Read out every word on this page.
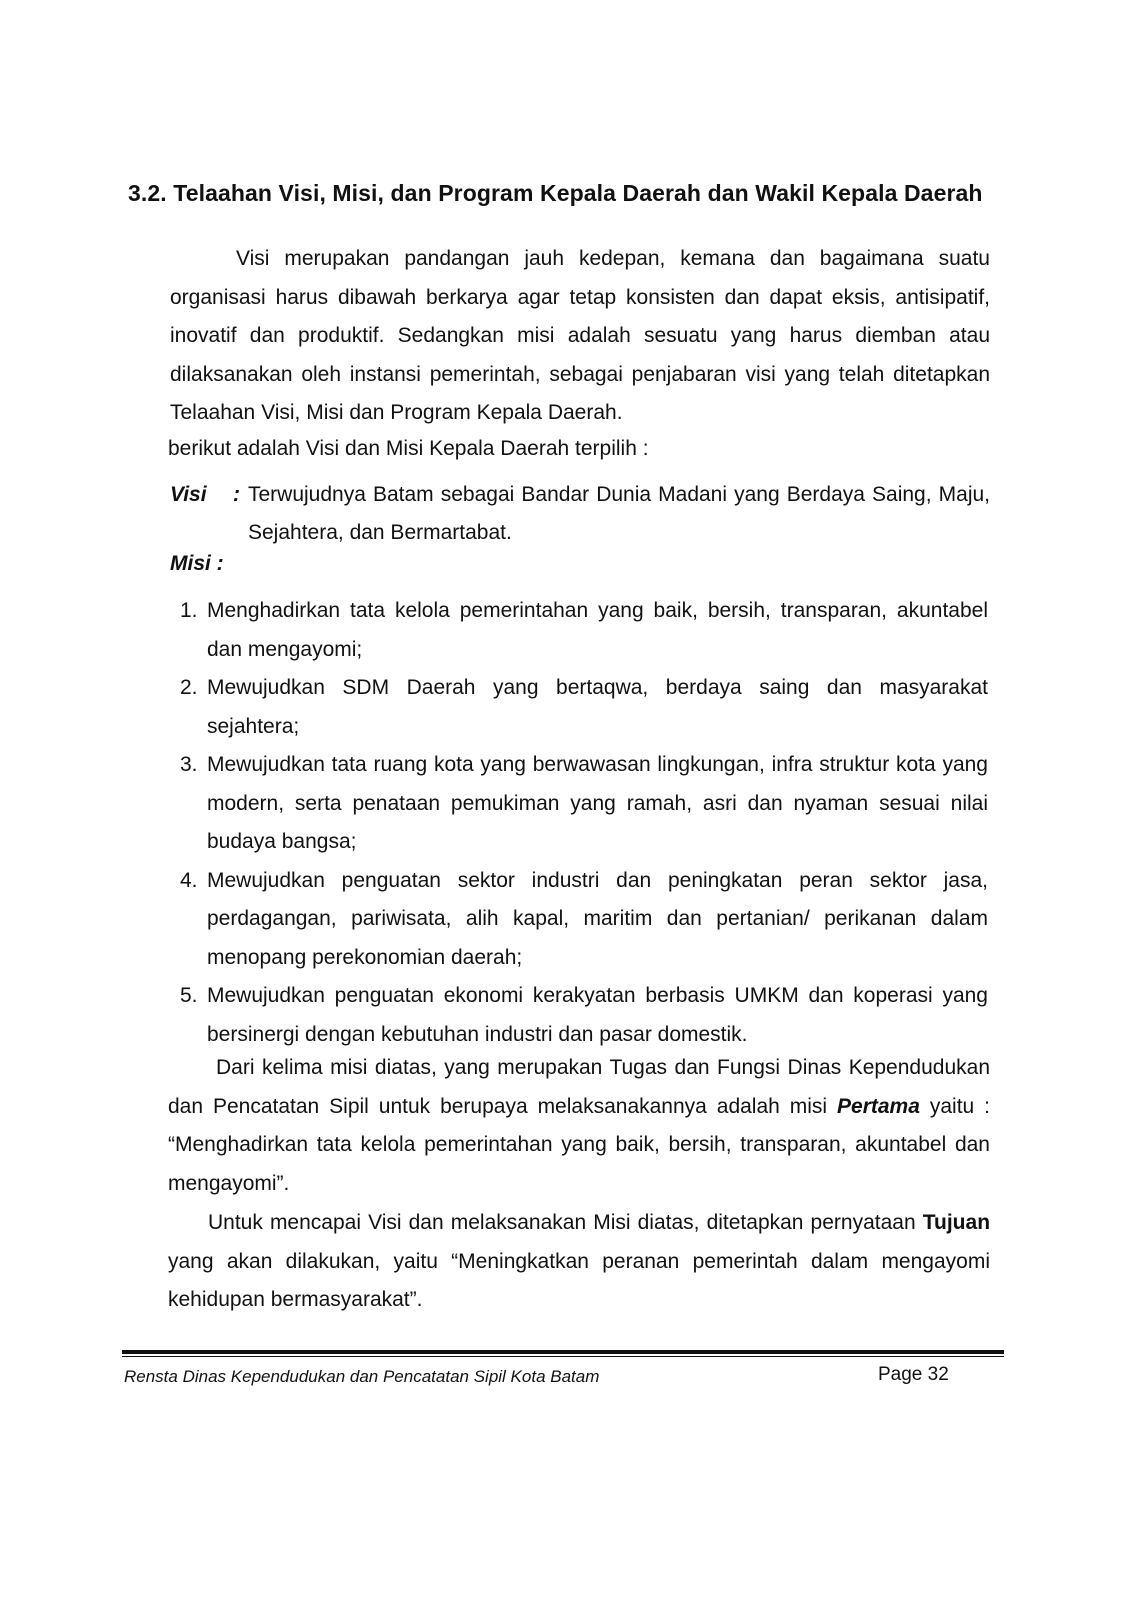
3.2. Telaahan Visi, Misi, dan Program Kepala Daerah dan Wakil Kepala Daerah
Visi merupakan pandangan jauh kedepan, kemana dan bagaimana suatu organisasi harus dibawah berkarya agar tetap konsisten dan dapat eksis, antisipatif, inovatif dan produktif. Sedangkan misi adalah sesuatu yang harus diemban atau dilaksanakan oleh instansi pemerintah, sebagai penjabaran visi yang telah ditetapkan Telaahan Visi, Misi dan Program Kepala Daerah.
berikut adalah Visi dan Misi Kepala Daerah terpilih :
Visi : Terwujudnya Batam sebagai Bandar Dunia Madani yang Berdaya Saing, Maju, Sejahtera, dan Bermartabat.
Misi :
1. Menghadirkan tata kelola pemerintahan yang baik, bersih, transparan, akuntabel dan mengayomi;
2. Mewujudkan SDM Daerah yang bertaqwa, berdaya saing dan masyarakat sejahtera;
3. Mewujudkan tata ruang kota yang berwawasan lingkungan, infra struktur kota yang modern, serta penataan pemukiman yang ramah, asri dan nyaman sesuai nilai budaya bangsa;
4. Mewujudkan penguatan sektor industri dan peningkatan peran sektor jasa, perdagangan, pariwisata, alih kapal, maritim dan pertanian/ perikanan dalam menopang perekonomian daerah;
5. Mewujudkan penguatan ekonomi kerakyatan berbasis UMKM dan koperasi yang bersinergi dengan kebutuhan industri dan pasar domestik.
Dari kelima misi diatas, yang merupakan Tugas dan Fungsi Dinas Kependudukan dan Pencatatan Sipil untuk berupaya melaksanakannya adalah misi Pertama yaitu : “Menghadirkan tata kelola pemerintahan yang baik, bersih, transparan, akuntabel dan mengayomi”.
Untuk mencapai Visi dan melaksanakan Misi diatas, ditetapkan pernyataan Tujuan yang akan dilakukan, yaitu “Meningkatkan peranan pemerintah dalam mengayomi kehidupan bermasyarakat”.
Rensta Dinas Kependudukan dan Pencatatan Sipil Kota Batam	Page 32
